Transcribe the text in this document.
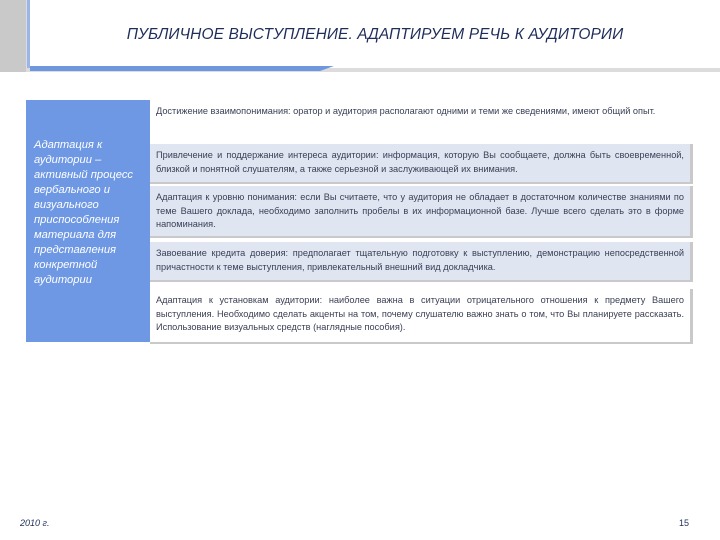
ПУБЛИЧНОЕ ВЫСТУПЛЕНИЕ. АДАПТИРУЕМ РЕЧЬ К АУДИТОРИИ
Адаптация к аудитории – активный процесс вербального и визуального приспособления материала для представления конкретной аудитории
Достижение взаимопонимания: оратор и аудитория располагают одними и теми же сведениями, имеют общий опыт.
Привлечение и поддержание интереса аудитории: информация, которую Вы сообщаете, должна быть своевременной, близкой и понятной слушателям, а также серьезной и заслуживающей их внимания.
Адаптация к уровню понимания: если Вы считаете, что у аудитория не обладает в достаточном количестве знаниями по теме Вашего доклада, необходимо заполнить пробелы в их информационной базе. Лучше всего сделать это в форме напоминания.
Завоевание кредита доверия: предполагает тщательную подготовку к выступлению, демонстрацию непосредственной причастности к теме выступления, привлекательный внешний вид докладчика.
Адаптация к установкам аудитории: наиболее важна в ситуации отрицательного отношения к предмету Вашего выступления. Необходимо сделать акценты на том, почему слушателю важно знать о том, что Вы планируете рассказать. Использование визуальных средств (наглядные пособия).
2010 г.	15
